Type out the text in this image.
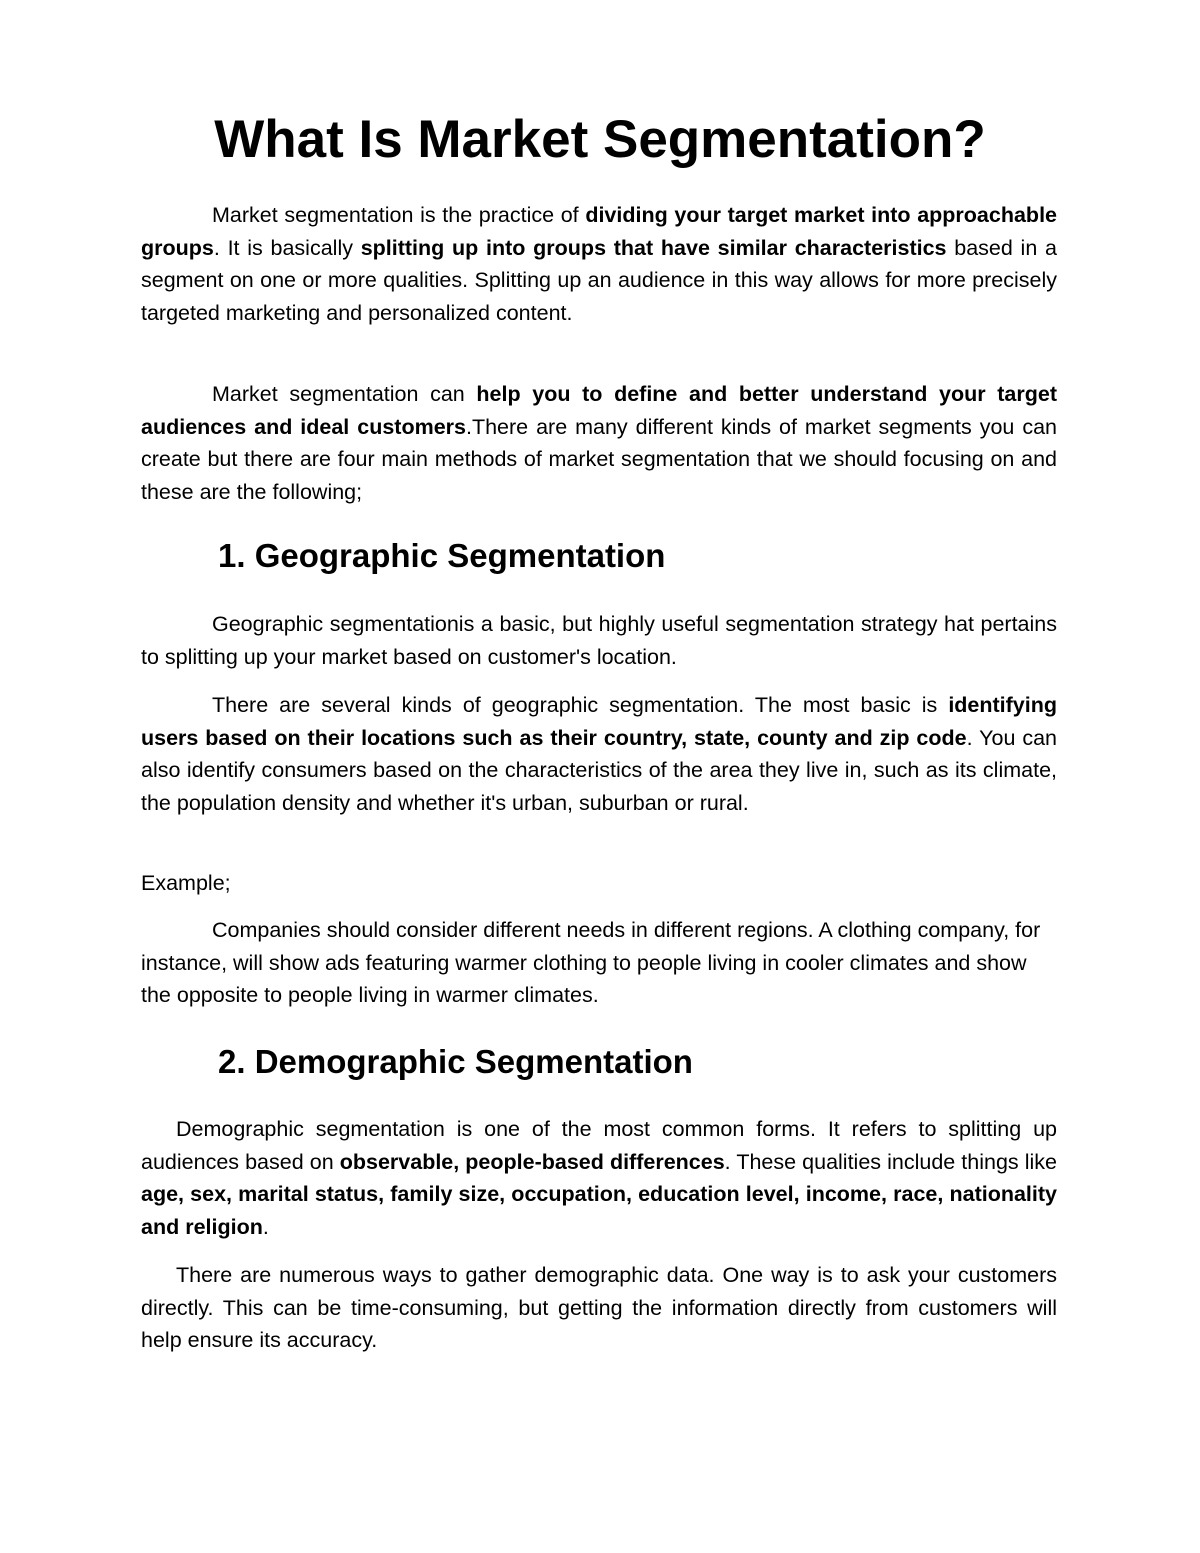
What Is Market Segmentation?

Market segmentation is the practice of dividing your target market into approachable groups. It is basically splitting up into groups that have similar characteristics based in a segment on one or more qualities. Splitting up an audience in this way allows for more precisely targeted marketing and personalized content.

Market segmentation can help you to define and better understand your target audiences and ideal customers.There are many different kinds of market segments you can create but there are four main methods of market segmentation that we should focusing on and these are the following;

1. Geographic Segmentation

Geographic segmentationis a basic, but highly useful segmentation strategy hat pertains to splitting up your market based on customer's location.

There are several kinds of geographic segmentation. The most basic is identifying users based on their locations such as their country, state, county and zip code. You can also identify consumers based on the characteristics of the area they live in, such as its climate, the population density and whether it's urban, suburban or rural.

Example;

Companies should consider different needs in different regions. A clothing company, for instance, will show ads featuring warmer clothing to people living in cooler climates and show the opposite to people living in warmer climates.

2. Demographic Segmentation

Demographic segmentation is one of the most common forms. It refers to splitting up audiences based on observable, people-based differences. These qualities include things like age, sex, marital status, family size, occupation, education level, income, race, nationality and religion.

There are numerous ways to gather demographic data. One way is to ask your customers directly. This can be time-consuming, but getting the information directly from customers will help ensure its accuracy.
